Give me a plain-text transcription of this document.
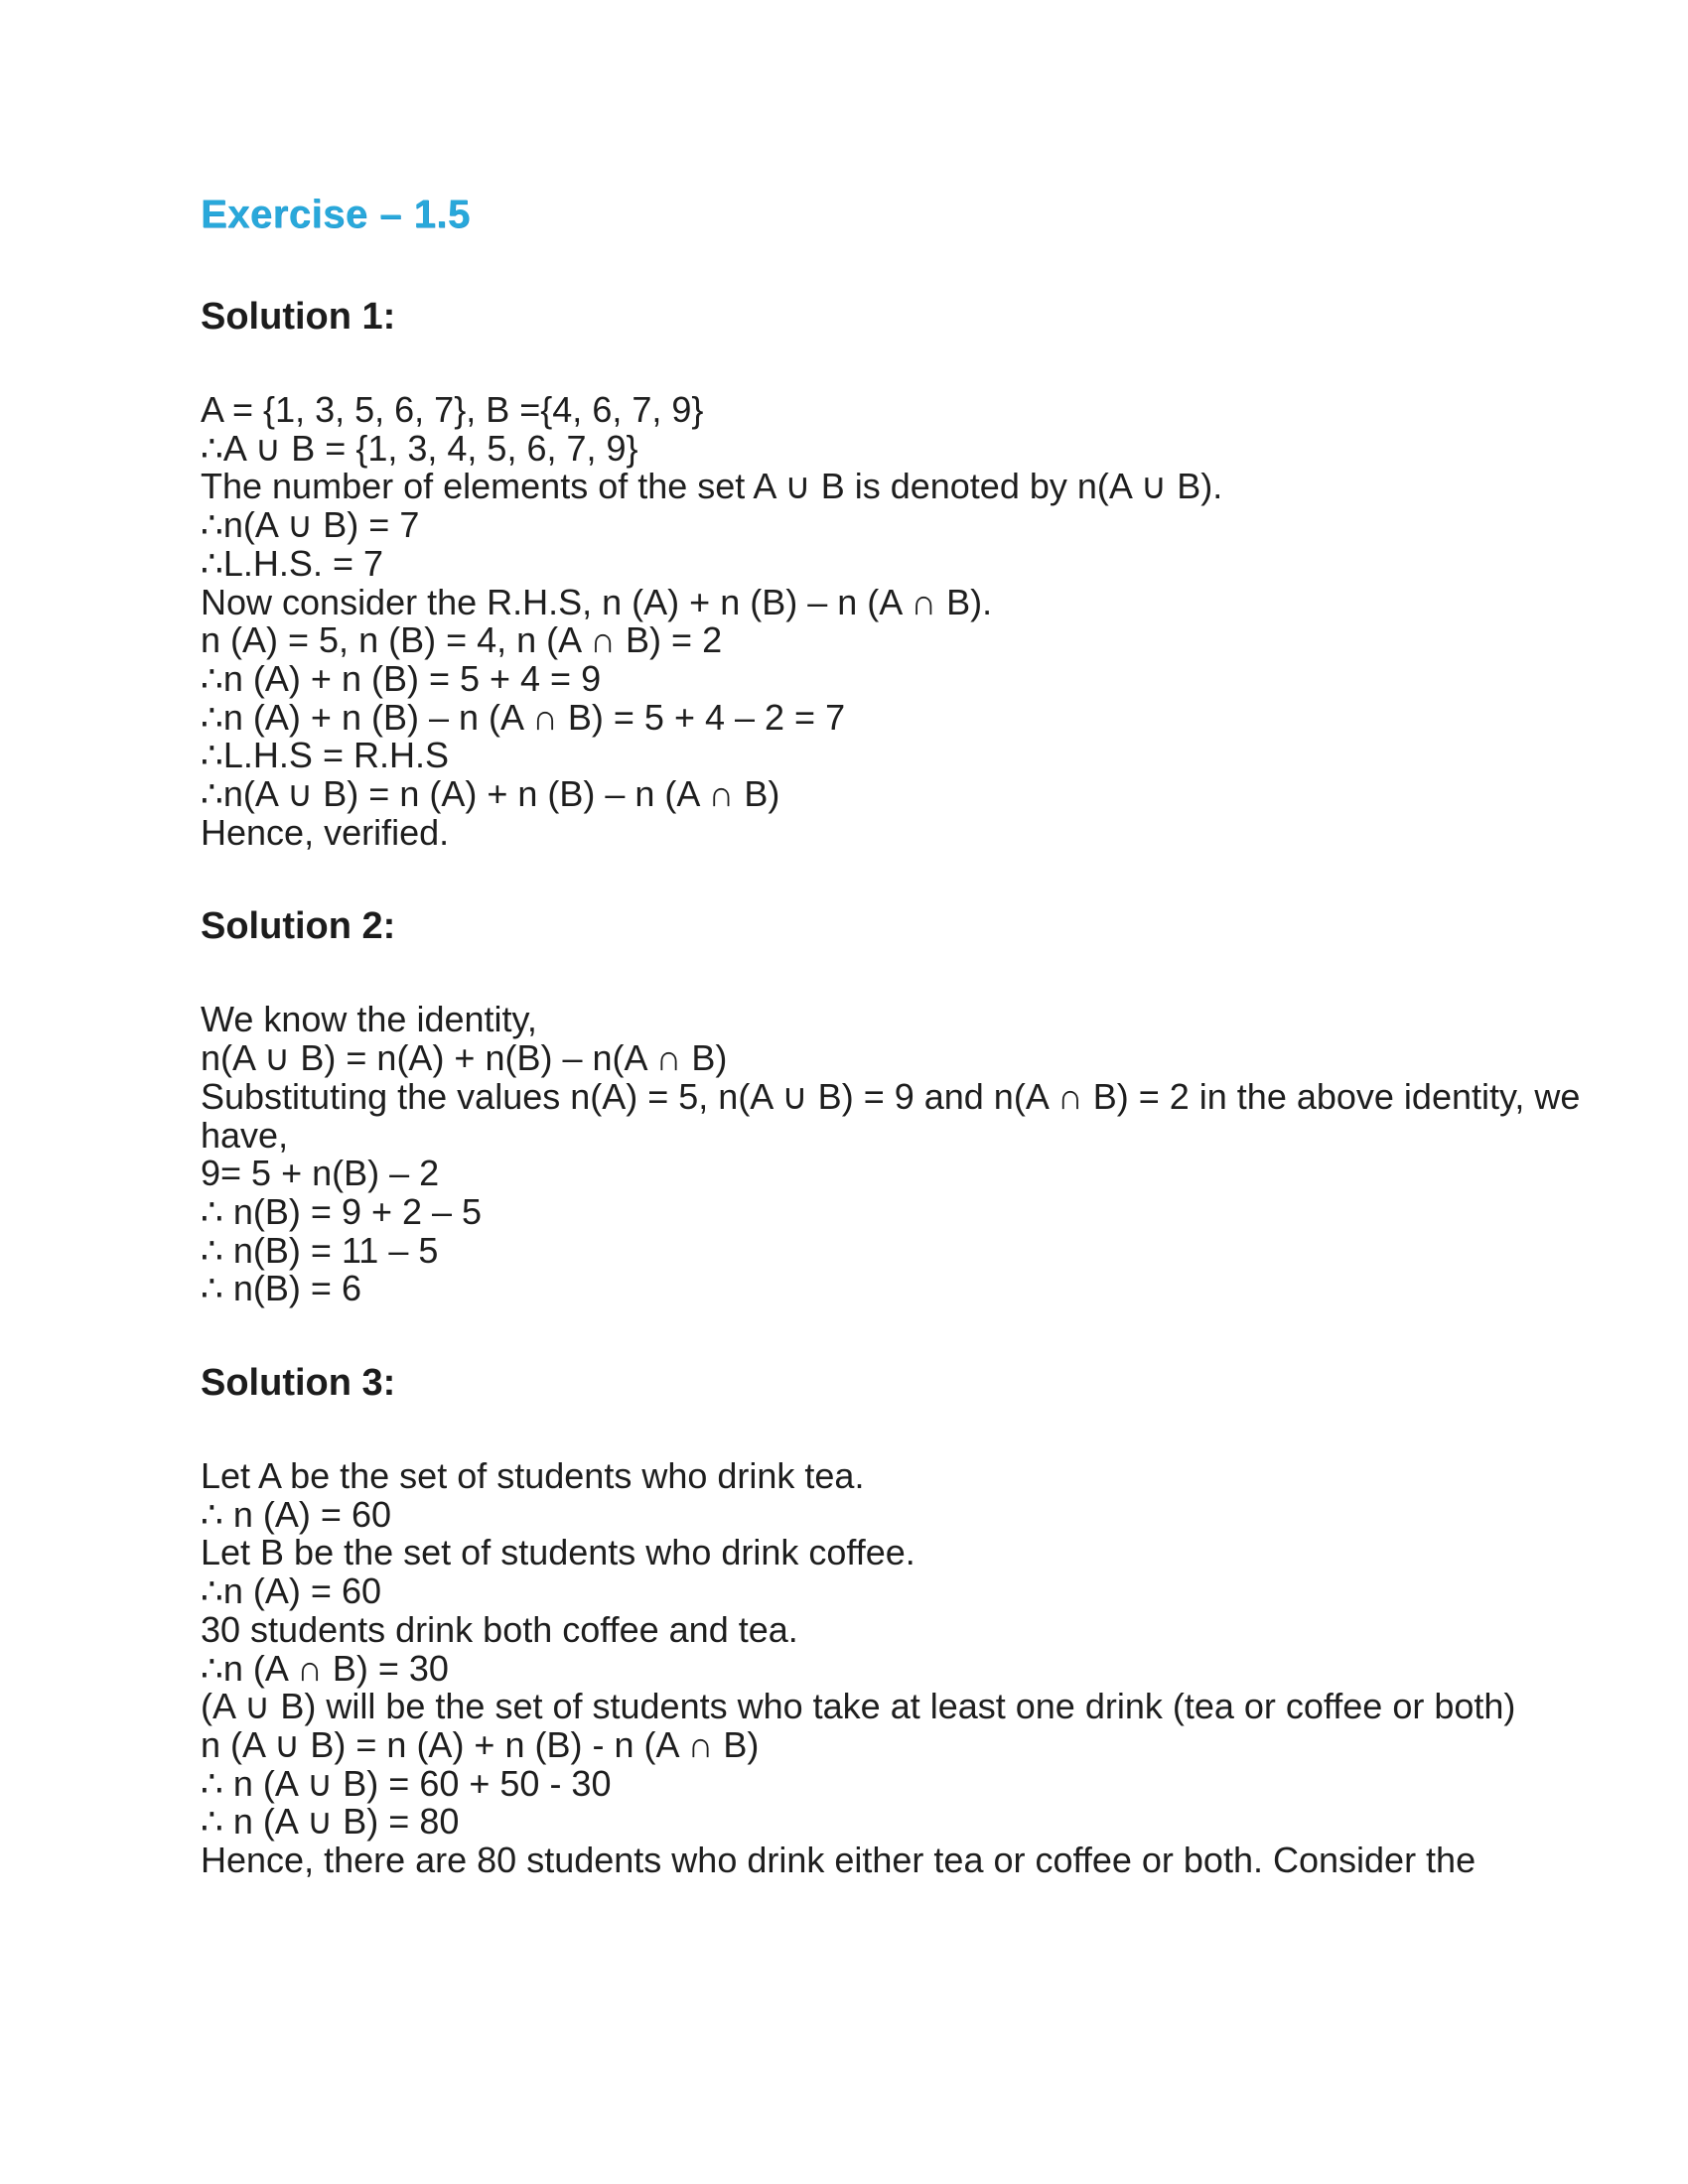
Exercise – 1.5
Solution 1:
A = {1, 3, 5, 6, 7}, B ={4, 6, 7, 9}
∴A ∪ B = {1, 3, 4, 5, 6, 7, 9}
The number of elements of the set A ∪ B is denoted by n(A ∪ B).
∴n(A ∪ B) = 7
∴L.H.S. = 7
Now consider the R.H.S, n (A) + n (B) – n (A ∩ B).
n (A) = 5, n (B) = 4, n (A ∩ B) = 2
∴n (A) + n (B) = 5 + 4 = 9
∴n (A) + n (B) – n (A ∩ B) = 5 + 4 – 2 = 7
∴L.H.S = R.H.S
∴n(A ∪ B) = n (A) + n (B) – n (A ∩ B)
Hence, verified.
Solution 2:
We know the identity,
n(A ∪ B) = n(A) + n(B) – n(A ∩ B)
Substituting the values n(A) = 5, n(A ∪ B) = 9 and n(A ∩ B) = 2 in the above identity, we
have,
9= 5 + n(B) – 2
∴ n(B) = 9 + 2 – 5
∴ n(B) = 11 – 5
∴ n(B) = 6
Solution 3:
Let A be the set of students who drink tea.
∴ n (A) = 60
Let B be the set of students who drink coffee.
∴n (A) = 60
30 students drink both coffee and tea.
∴n (A ∩ B) = 30
(A ∪ B) will be the set of students who take at least one drink (tea or coffee or both)
n (A ∪ B) = n (A) + n (B) - n (A ∩ B)
∴ n (A ∪ B) = 60 + 50 - 30
∴ n (A ∪ B) = 80
Hence, there are 80 students who drink either tea or coffee or both. Consider the
